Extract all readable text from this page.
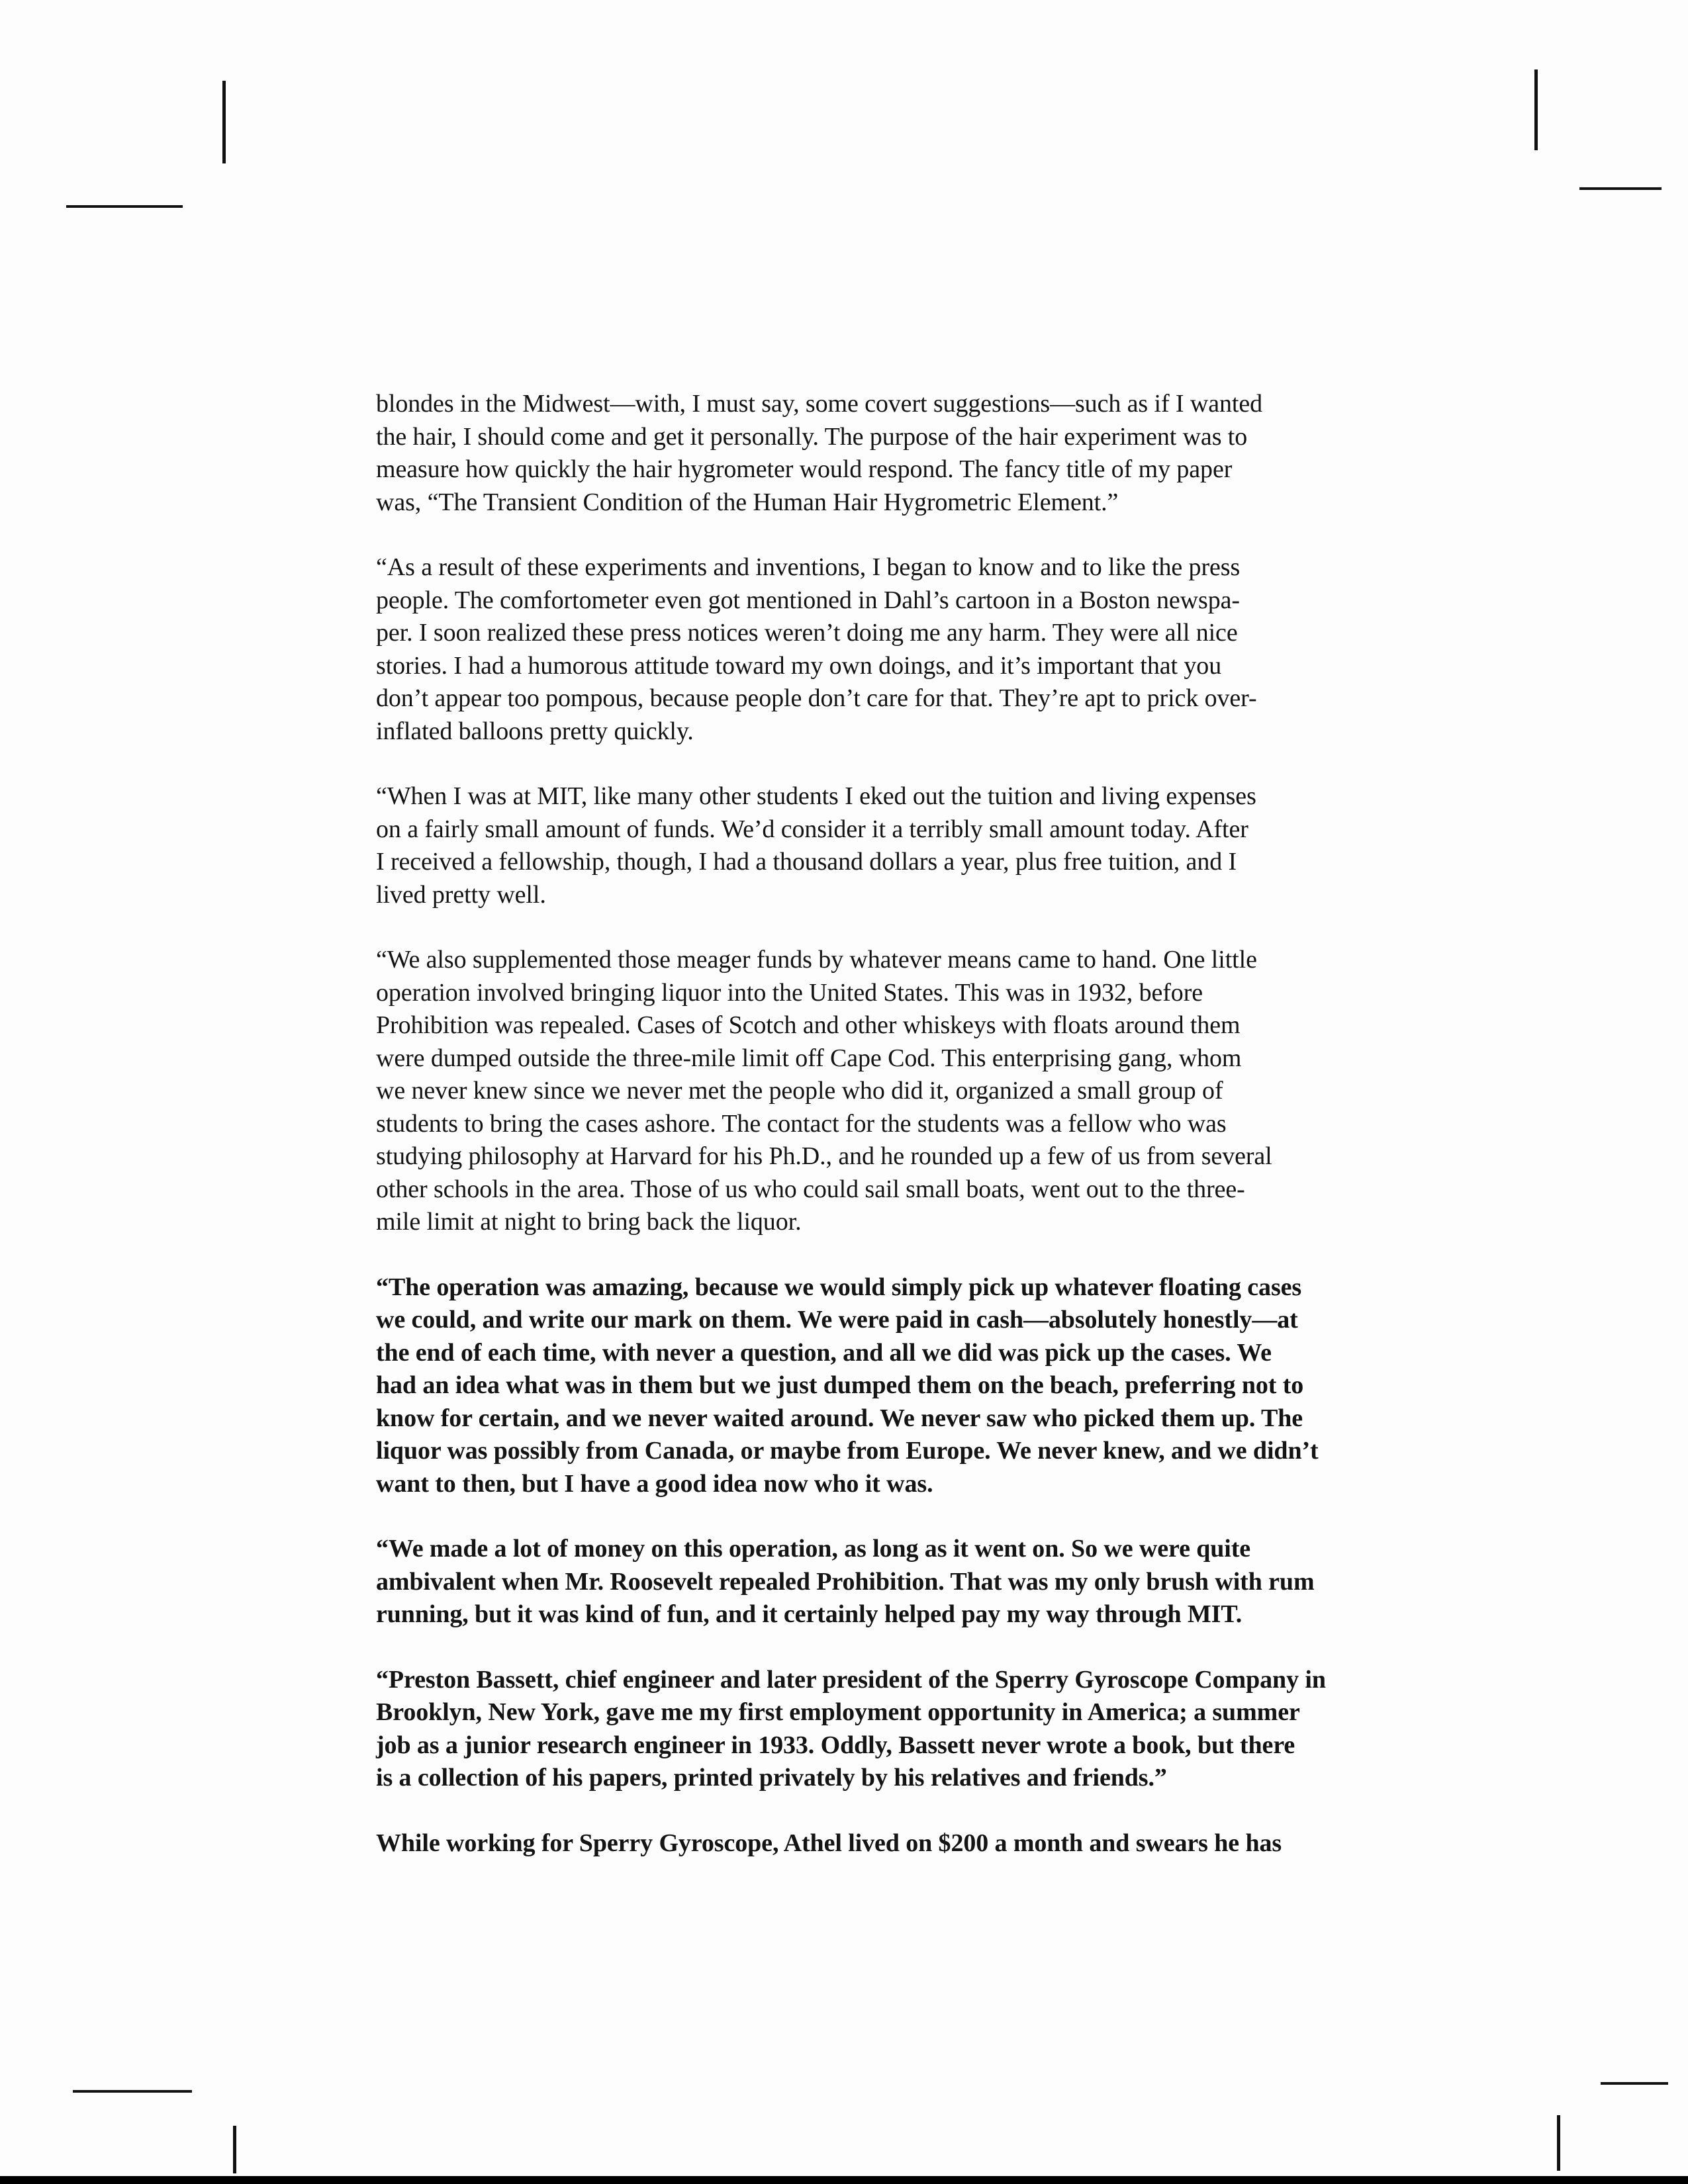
blondes in the Midwest—with, I must say, some covert suggestions—such as if I wanted
the hair, I should come and get it personally. The purpose of the hair experiment was to
measure how quickly the hair hygrometer would respond. The fancy title of my paper
was, “The Transient Condition of the Human Hair Hygrometric Element.”
“As a result of these experiments and inventions, I began to know and to like the press
people. The comfortometer even got mentioned in Dahl’s cartoon in a Boston newspa-
per. I soon realized these press notices weren’t doing me any harm. They were all nice
stories. I had a humorous attitude toward my own doings, and it’s important that you
don’t appear too pompous, because people don’t care for that. They’re apt to prick over-
inflated balloons pretty quickly.
“When I was at MIT, like many other students I eked out the tuition and living expenses
on a fairly small amount of funds. We’d consider it a terribly small amount today. After
I received a fellowship, though, I had a thousand dollars a year, plus free tuition, and I
lived pretty well.
“We also supplemented those meager funds by whatever means came to hand. One little
operation involved bringing liquor into the United States. This was in 1932, before
Prohibition was repealed. Cases of Scotch and other whiskeys with floats around them
were dumped outside the three-mile limit off Cape Cod. This enterprising gang, whom
we never knew since we never met the people who did it, organized a small group of
students to bring the cases ashore. The contact for the students was a fellow who was
studying philosophy at Harvard for his Ph.D., and he rounded up a few of us from several
other schools in the area. Those of us who could sail small boats, went out to the three-
mile limit at night to bring back the liquor.
“The operation was amazing, because we would simply pick up whatever floating cases
we could, and write our mark on them. We were paid in cash—absolutely honestly—at
the end of each time, with never a question, and all we did was pick up the cases. We
had an idea what was in them but we just dumped them on the beach, preferring not to
know for certain, and we never waited around. We never saw who picked them up. The
liquor was possibly from Canada, or maybe from Europe. We never knew, and we didn’t
want to then, but I have a good idea now who it was.
“We made a lot of money on this operation, as long as it went on. So we were quite
ambivalent when Mr. Roosevelt repealed Prohibition. That was my only brush with rum
running, but it was kind of fun, and it certainly helped pay my way through MIT.
“Preston Bassett, chief engineer and later president of the Sperry Gyroscope Company in
Brooklyn, New York, gave me my first employment opportunity in America; a summer
job as a junior research engineer in 1933. Oddly, Bassett never wrote a book, but there
is a collection of his papers, printed privately by his relatives and friends.”
While working for Sperry Gyroscope, Athel lived on $200 a month and swears he has
